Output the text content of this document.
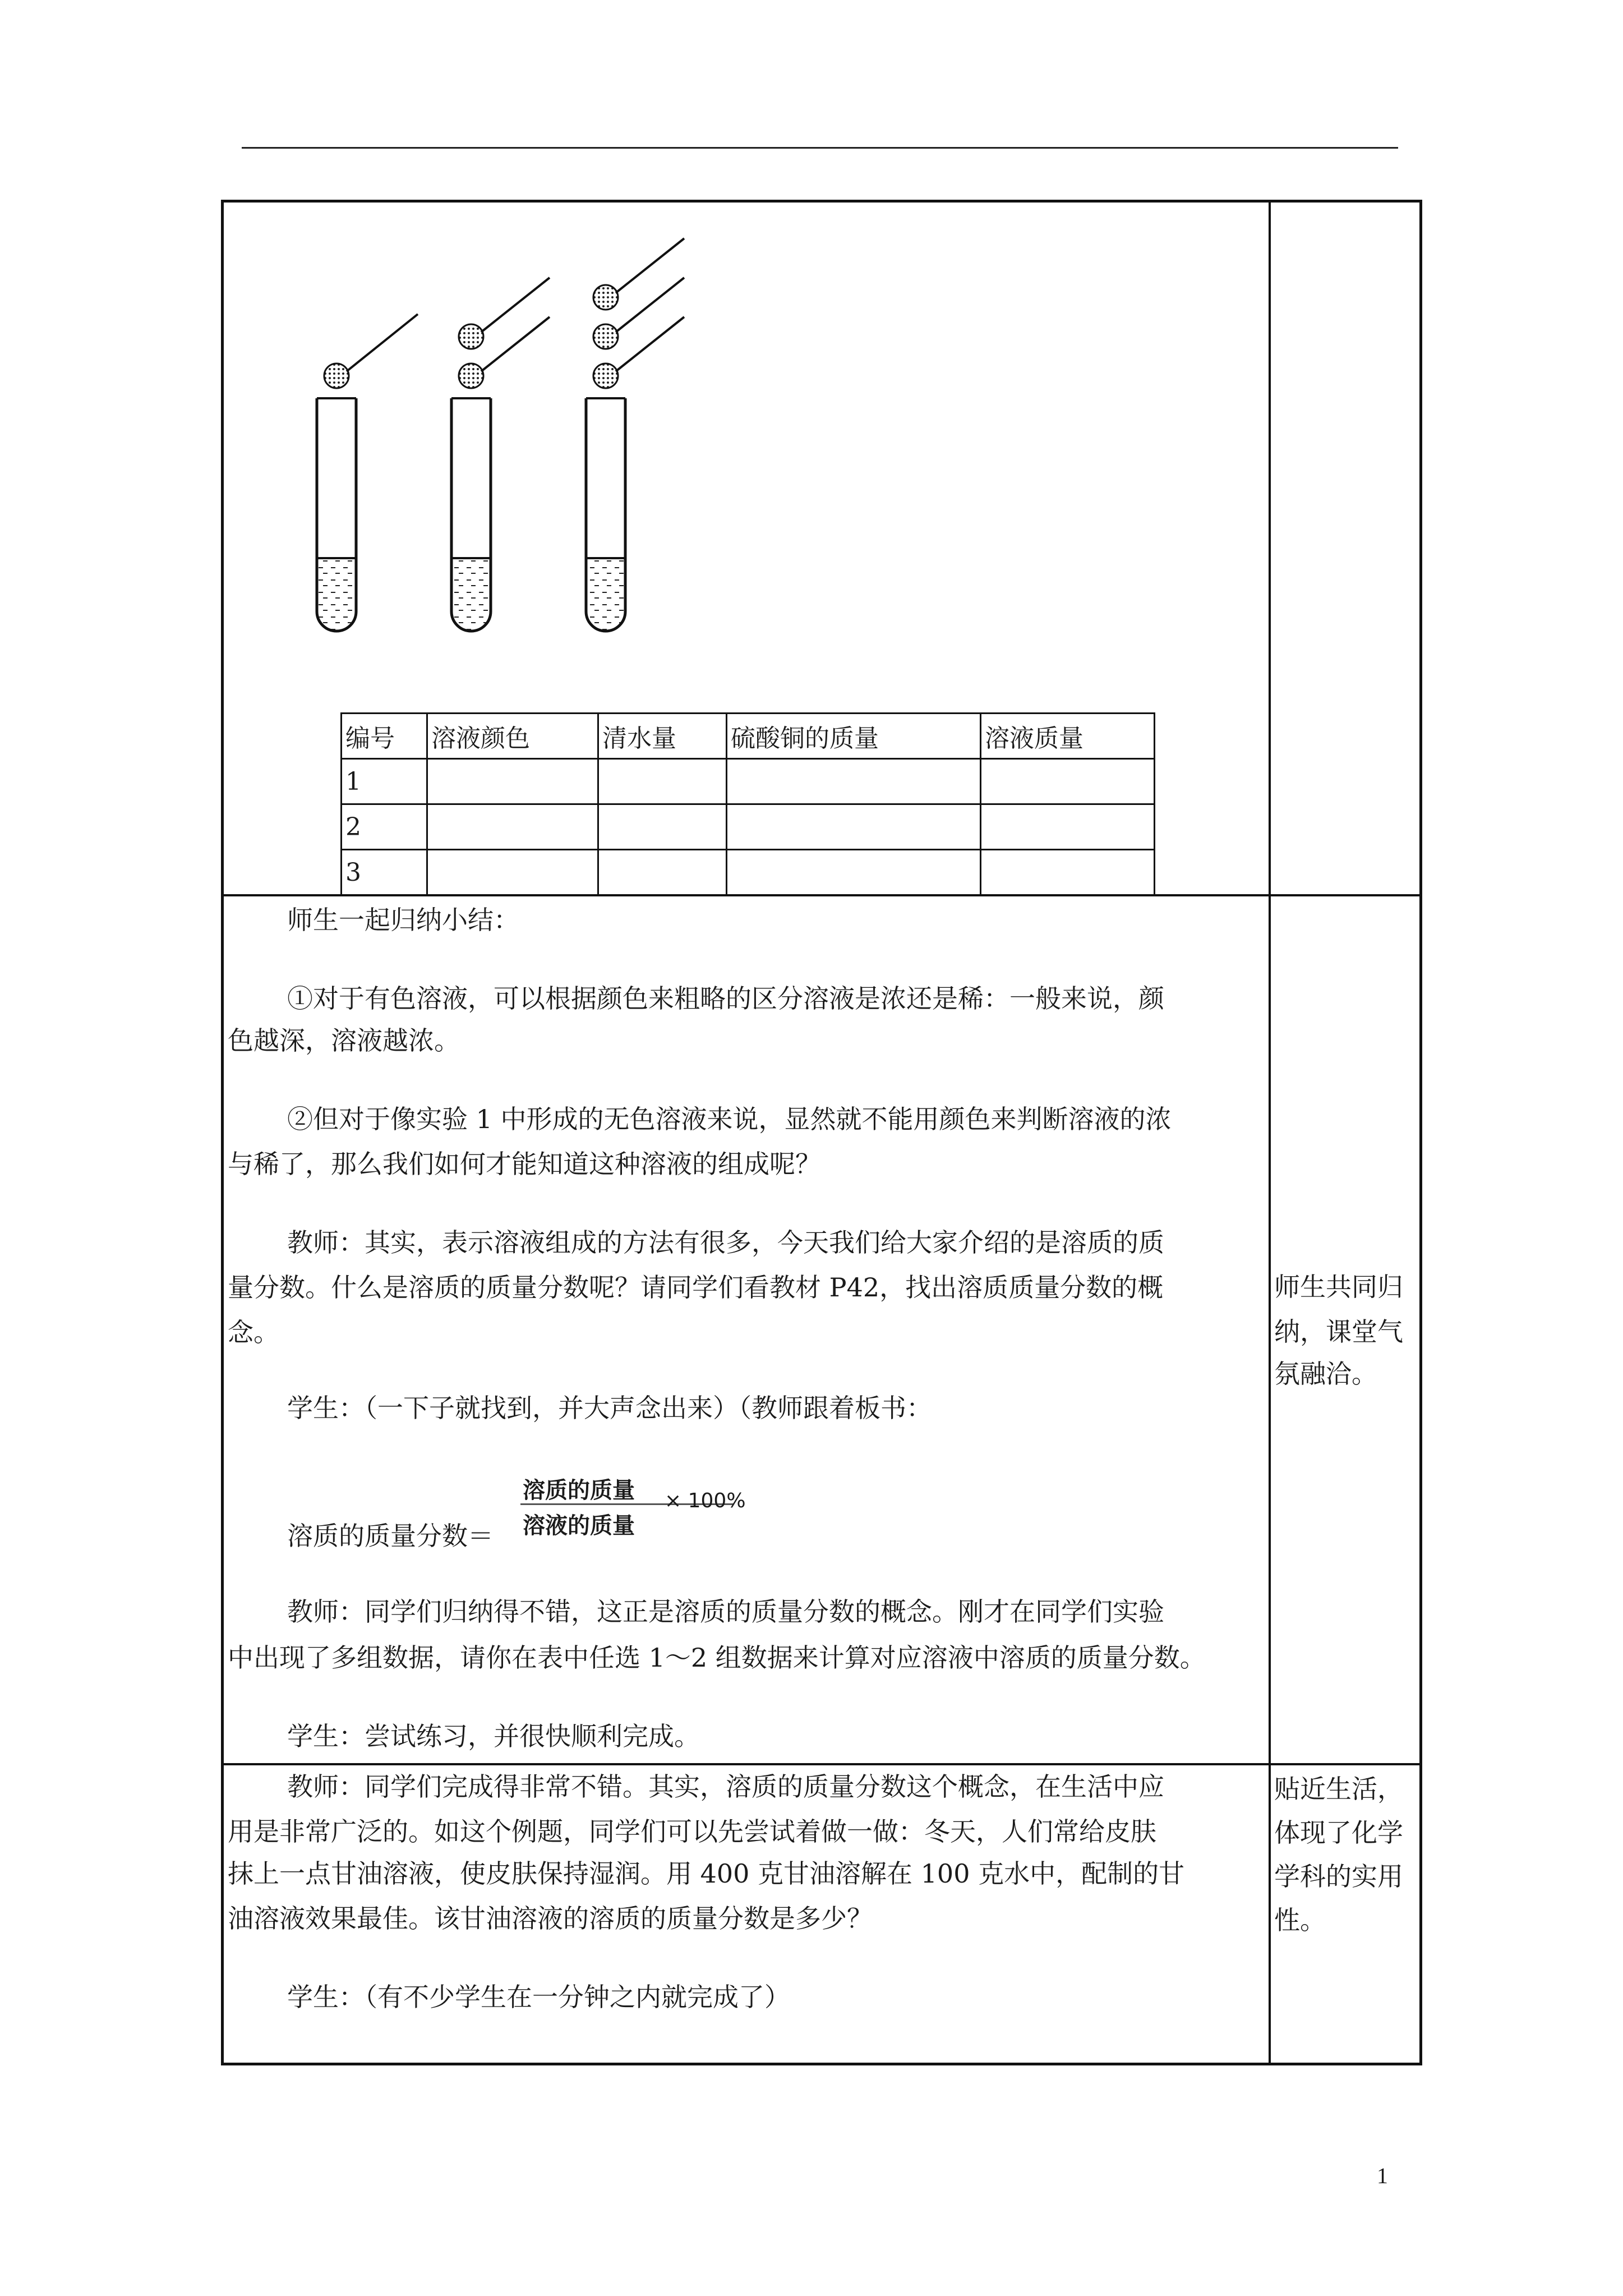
编号	溶液颜色	清水量	硫酸铜的质量	溶液质量
1				
2				
3				
师生一起归纳小结：
①对于有色溶液，可以根据颜色来粗略的区分溶液是浓还是稀：一般来说，颜
色越深，溶液越浓。
②但对于像实验 1 中形成的无色溶液来说，显然就不能用颜色来判断溶液的浓
与稀了，那么我们如何才能知道这种溶液的组成呢？
教师：其实，表示溶液组成的方法有很多，今天我们给大家介绍的是溶质的质
量分数。什么是溶质的质量分数呢？请同学们看教材 P42，找出溶质质量分数的概
念。
学生：（一下子就找到，并大声念出来）（教师跟着板书：
溶质的质量分数＝
溶质的质量
溶液的质量
× 100%
教师：同学们归纳得不错，这正是溶质的质量分数的概念。刚才在同学们实验
中出现了多组数据，请你在表中任选 1～2 组数据来计算对应溶液中溶质的质量分数。
学生：尝试练习，并很快顺利完成。
师生共同归
纳，课堂气
氛融洽。
教师：同学们完成得非常不错。其实，溶质的质量分数这个概念，在生活中应
用是非常广泛的。如这个例题，同学们可以先尝试着做一做：冬天，人们常给皮肤
抹上一点甘油溶液，使皮肤保持湿润。用 400 克甘油溶解在 100 克水中，配制的甘
油溶液效果最佳。该甘油溶液的溶质的质量分数是多少？
学生：（有不少学生在一分钟之内就完成了）
贴近生活，
体现了化学
学科的实用
性。
1
